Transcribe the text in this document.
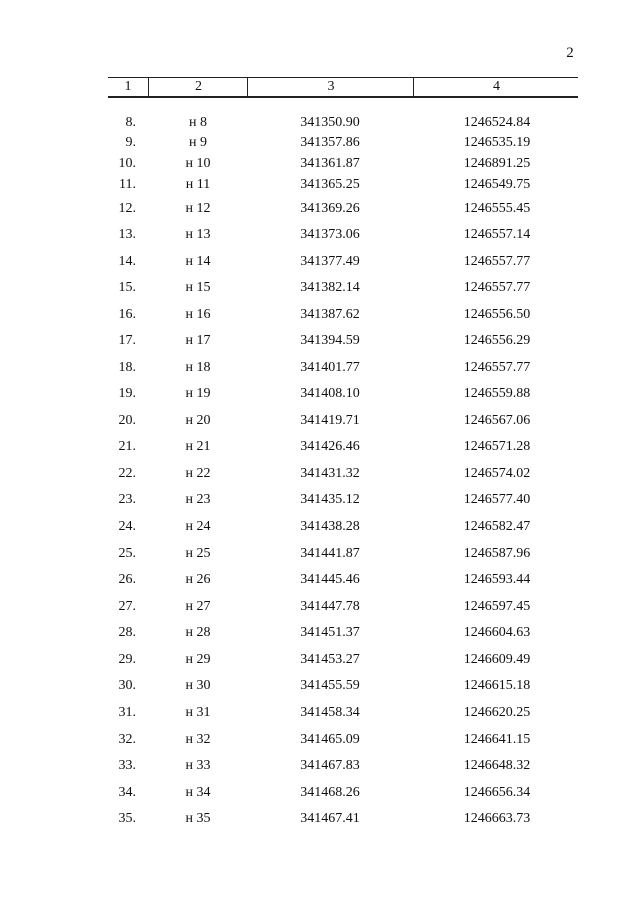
2
1	2	3	4
8.	н 8	341350.90	1246524.84
9.	н 9	341357.86	1246535.19
10.	н 10	341361.87	1246891.25
11.	н 11	341365.25	1246549.75
12.	н 12	341369.26	1246555.45
13.	н 13	341373.06	1246557.14
14.	н 14	341377.49	1246557.77
15.	н 15	341382.14	1246557.77
16.	н 16	341387.62	1246556.50
17.	н 17	341394.59	1246556.29
18.	н 18	341401.77	1246557.77
19.	н 19	341408.10	1246559.88
20.	н 20	341419.71	1246567.06
21.	н 21	341426.46	1246571.28
22.	н 22	341431.32	1246574.02
23.	н 23	341435.12	1246577.40
24.	н 24	341438.28	1246582.47
25.	н 25	341441.87	1246587.96
26.	н 26	341445.46	1246593.44
27.	н 27	341447.78	1246597.45
28.	н 28	341451.37	1246604.63
29.	н 29	341453.27	1246609.49
30.	н 30	341455.59	1246615.18
31.	н 31	341458.34	1246620.25
32.	н 32	341465.09	1246641.15
33.	н 33	341467.83	1246648.32
34.	н 34	341468.26	1246656.34
35.	н 35	341467.41	1246663.73
